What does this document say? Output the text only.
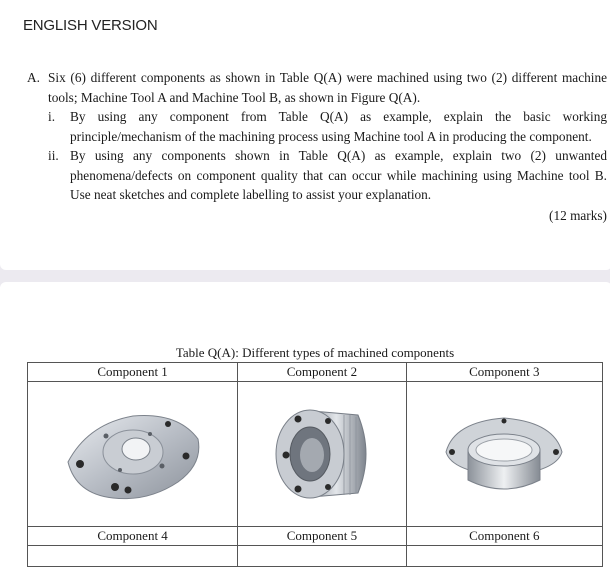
ENGLISH VERSION
A. Six (6) different components as shown in Table Q(A) were machined using two (2) different machine tools; Machine Tool A and Machine Tool B, as shown in Figure Q(A).
i.	By using any component from Table Q(A) as example, explain the basic working principle/mechanism of the machining process using Machine tool A in producing the component.
ii. By using any components shown in Table Q(A) as example, explain two (2) unwanted phenomena/defects on component quality that can occur while machining using Machine tool B. Use neat sketches and complete labelling to assist your explanation.
(12 marks)
Table Q(A): Different types of machined components
Component 1	Component 2	Component 3

Component 4	Component 5	Component 6
